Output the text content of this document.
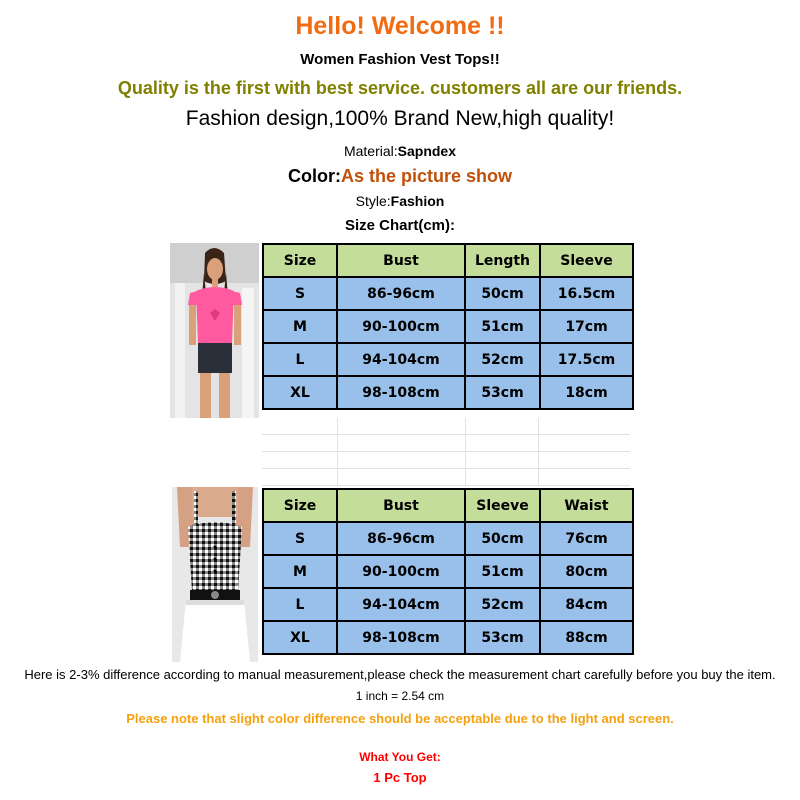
Hello! Welcome !!
Women Fashion Vest Tops!!
Quality is the first with best service. customers all are our friends.
Fashion design,100% Brand New,high quality!
Material:Sapndex
Color:As the picture show
Style:Fashion
Size Chart(cm):
Size	Bust	Length	Sleeve
S	86-96cm	50cm	16.5cm
M	90-100cm	51cm	17cm
L	94-104cm	52cm	17.5cm
XL	98-108cm	53cm	18cm
Size	Bust	Sleeve	Waist
S	86-96cm	50cm	76cm
M	90-100cm	51cm	80cm
L	94-104cm	52cm	84cm
XL	98-108cm	53cm	88cm
Here is 2-3% difference according to manual measurement,please check the measurement chart carefully before you buy the item.
1 inch = 2.54 cm
Please note that slight color difference should be acceptable due to the light and screen.
What You Get:
1 Pc Top
